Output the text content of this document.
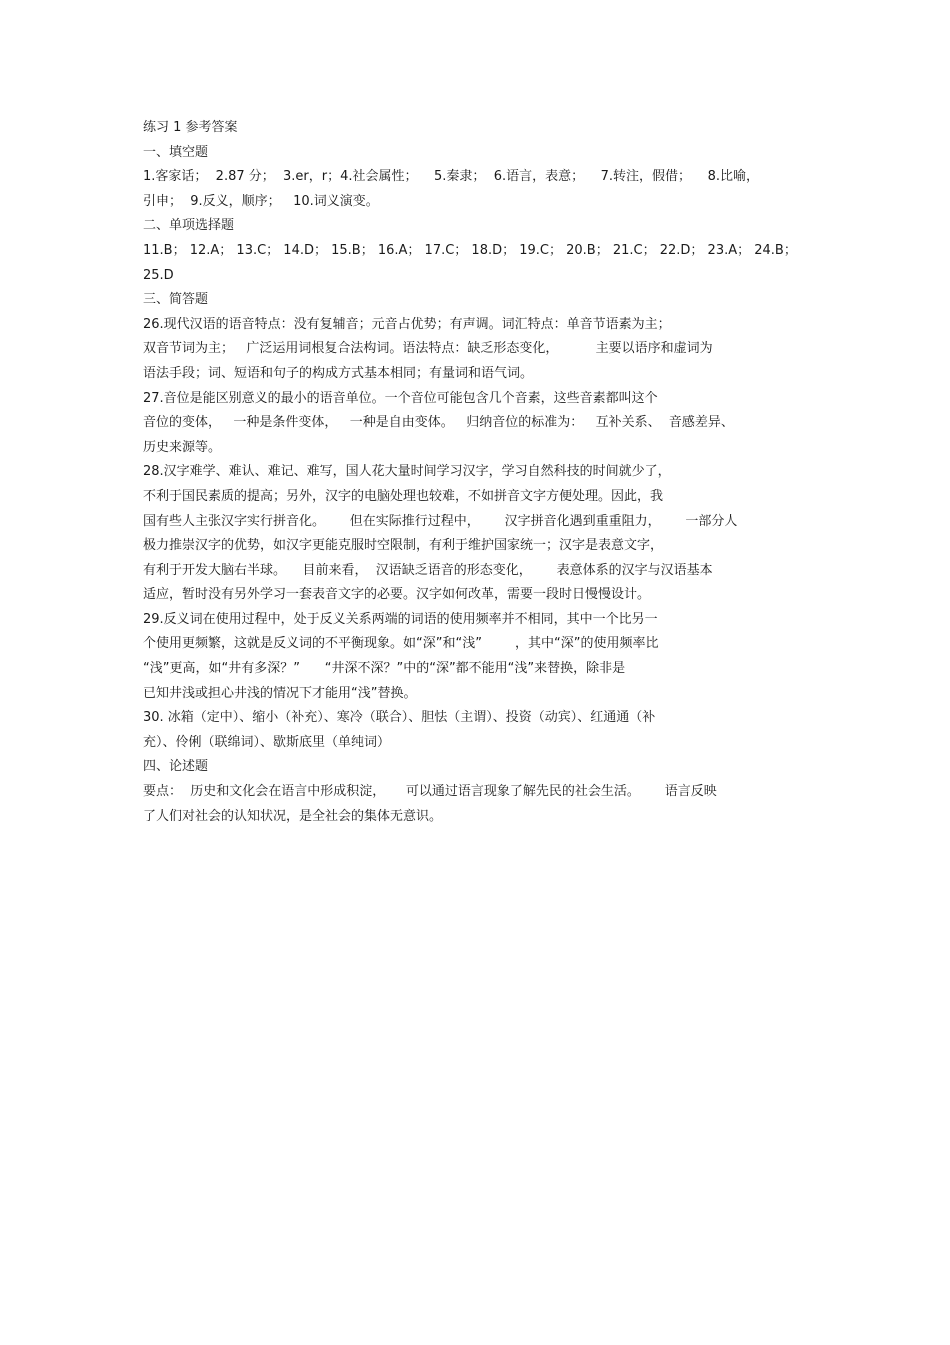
练习 1 参考答案
一、填空题
1.客家话；  2.87 分；  3.er，r；4.社会属性；    5.秦隶；  6.语言，表意；    7.转注，假借；    8.比喻，
引申；  9.反义，顺序；   10.词义演变。
二、单项选择题
11.B； 12.A； 13.C； 14.D； 15.B； 16.A； 17.C； 18.D； 19.C； 20.B； 21.C； 22.D； 23.A； 24.B；
25.D
三、简答题
26.现代汉语的语音特点：没有复辅音；元音占优势；有声调。词汇特点：单音节语素为主；
双音节词为主；   广泛运用词根复合法构词。语法特点：缺乏形态变化，         主要以语序和虚词为
语法手段；词、短语和句子的构成方式基本相同；有量词和语气词。
27.音位是能区别意义的最小的语音单位。一个音位可能包含几个音素，这些音素都叫这个
音位的变体，   一种是条件变体，   一种是自由变体。   归纳音位的标准为：   互补关系、  音感差异、
历史来源等。
28.汉字难学、难认、难记、难写，国人花大量时间学习汉字，学习自然科技的时间就少了，
不利于国民素质的提高；另外，汉字的电脑处理也较难，不如拼音文字方便处理。因此，我
国有些人主张汉字实行拼音化。      但在实际推行过程中，      汉字拼音化遇到重重阻力，      一部分人
极力推崇汉字的优势，如汉字更能克服时空限制，有利于维护国家统一；汉字是表意文字，
有利于开发大脑右半球。    目前来看，  汉语缺乏语音的形态变化，      表意体系的汉字与汉语基本
适应，暂时没有另外学习一套表音文字的必要。汉字如何改革，需要一段时日慢慢设计。
29.反义词在使用过程中，处于反义关系两端的词语的使用频率并不相同，其中一个比另一
个使用更频繁，这就是反义词的不平衡现象。如“深”和“浅”        ，其中“深”的使用频率比
“浅”更高，如“井有多深？”      “井深不深？”中的“深”都不能用“浅”来替换，除非是
已知井浅或担心井浅的情况下才能用“浅”替换。
30. 冰箱（定中）、缩小（补充）、寒冷（联合）、胆怯（主谓）、投资（动宾）、红通通（补
充）、伶俐（联绵词）、歇斯底里（单纯词）
四、论述题
要点：  历史和文化会在语言中形成积淀，     可以通过语言现象了解先民的社会生活。      语言反映
了人们对社会的认知状况，是全社会的集体无意识。
